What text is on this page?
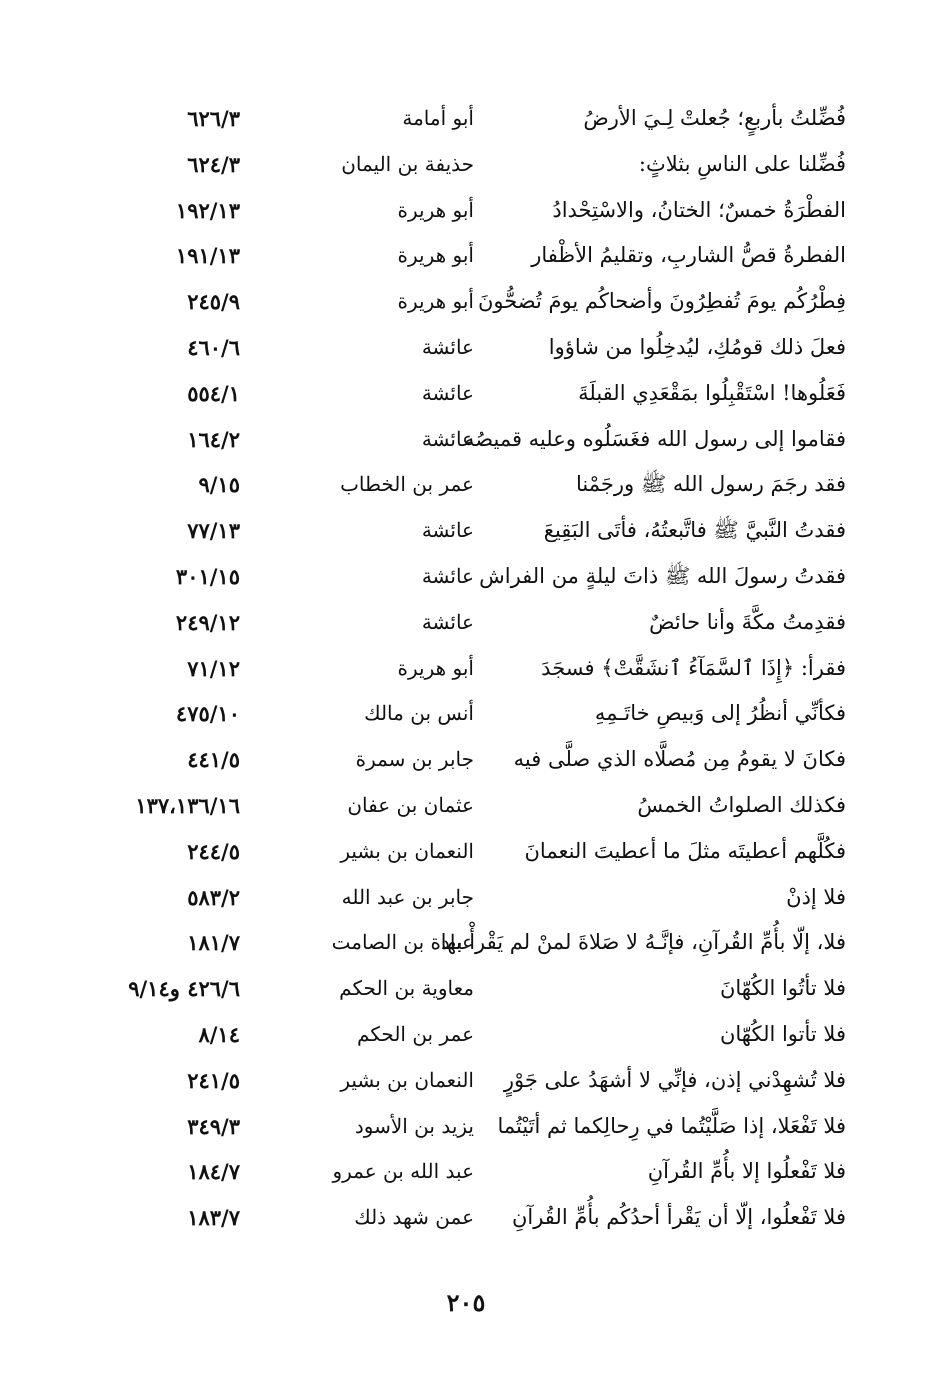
فُضِّلتُ بأربعٍ؛ جُعلتْ لِـيَ الأرضُ
أبو أمامة
٦٢٦/٣
فُضِّلنا على الناسِ بثلاثٍ:
حذيفة بن اليمان
٦٢٤/٣
الفطْرَةُ خمسٌ؛ الختانُ، والاسْتِحْدادُ
أبو هريرة
١٩٢/١٣
الفطرةُ قصُّ الشاربِ، وتقليمُ الأظْفار
أبو هريرة
١٩١/١٣
فِطْرُكُم يومَ تُفطِرُونَ وأضحاكُم يومَ تُضحُّونَ
أبو هريرة
٢٤٥/٩
فعلَ ذلك قومُكِ، ليُدخِلُوا من شاؤوا
عائشة
٤٦٠/٦
فَعَلُوها! اسْتَقْبِلُوا بمَقْعَدِي القبلَةَ
عائشة
٥٥٤/١
فقاموا إلى رسول الله فغَسَلُوه وعليه قميصُه
عائشة
١٦٤/٢
فقد رجَمَ رسول الله ﷺ ورجَمْنا
عمر بن الخطاب
٩/١٥
فقدتُ النَّبيَّ ﷺ فاتَّبعتُهُ، فأتَى البَقِيعَ
عائشة
٧٧/١٣
فقدتُ رسولَ الله ﷺ ذاتَ ليلةٍ من الفراش
عائشة
٣٠١/١٥
فقدِمتُ مكَّةَ وأنا حائضٌ
عائشة
٢٤٩/١٢
فقرأ: ﴿إِذَا ٱلسَّمَآءُ ٱنشَقَّتْ﴾ فسجَدَ
أبو هريرة
٧١/١٢
فكأنِّي أنظُرُ إلى وَبيصِ خاتَـمِهِ
أنس بن مالك
٤٧٥/١٠
فكانَ لا يقومُ مِن مُصلَّاه الذي صلَّى فيه
جابر بن سمرة
٤٤١/٥
فكذلك الصلواتُ الخمسُ
عثمان بن عفان
١٣٧،١٣٦/١٦
فكُلَّهم أعطيتَه مثلَ ما أعطيتَ النعمانَ
النعمان بن بشير
٢٤٤/٥
فلا إذنْ
جابر بن عبد الله
٥٨٣/٢
فلا، إلّا بأُمِّ القُرآنِ، فإنَّـهُ لا صَلاةَ لمنْ لم يَقْرأْ بها
عبادة بن الصامت
١٨١/٧
فلا تأتُوا الكُهّانَ
معاوية بن الحكم
٤٢٦/٦ و٩/١٤
فلا تأتوا الكُهّان
عمر بن الحكم
٨/١٤
فلا تُشهِدْني إذن، فإنِّي لا أشهَدُ على جَوْرٍ
النعمان بن بشير
٢٤١/٥
فلا تَفْعَلا، إذا صَلَّيْتُما في رِحالِكما ثم أتَيْتُما
يزيد بن الأسود
٣٤٩/٣
فلا تَفْعلُوا إلا بأُمِّ القُرآنِ
عبد الله بن عمرو
١٨٤/٧
فلا تَفْعلُوا، إلّا أن يَقْرأ أحدُكُم بأُمِّ القُرآنِ
عمن شهد ذلك
١٨٣/٧
٢٠٥
